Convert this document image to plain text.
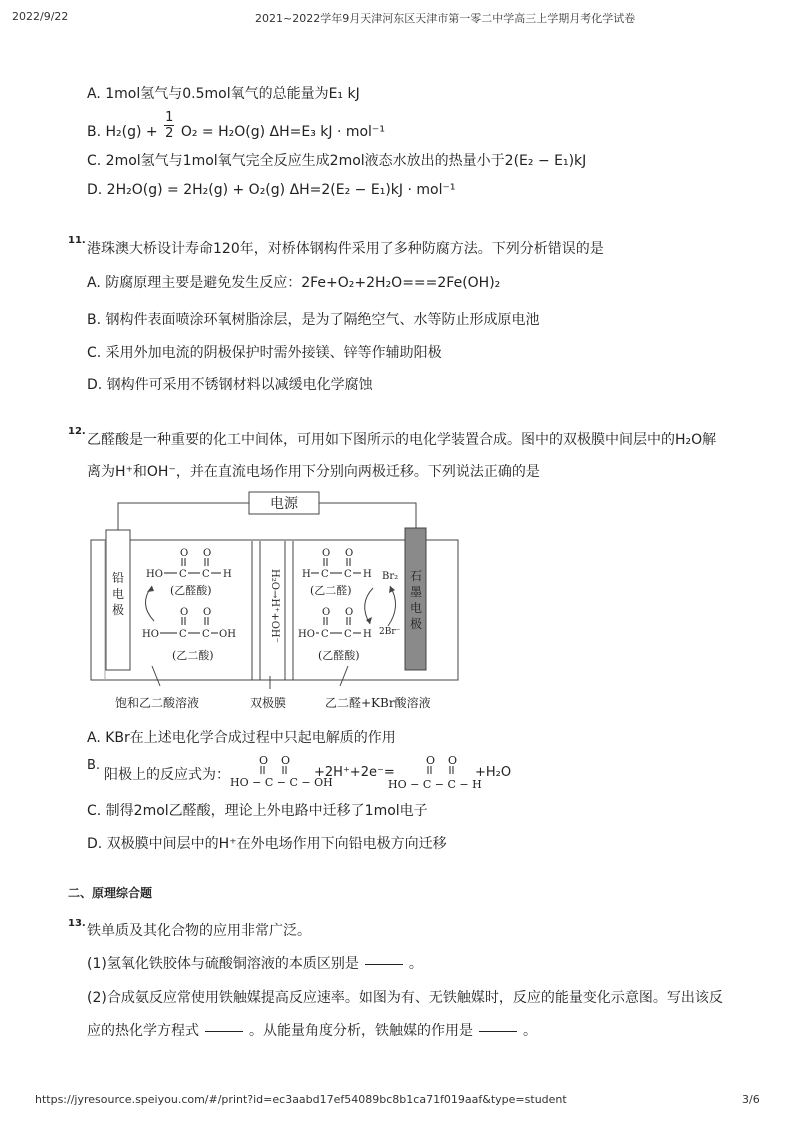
2022/9/22	2021~2022学年9月天津河东区天津市第一零二中学高三上学期月考化学试卷
A. 1mol氢气与0.5mol氧气的总能量为E₁ kJ
B. $H_2(g) + \frac{1}{2} O_2 = H_2O(g)$ ΔH=E₃ kJ · mol⁻¹
C. 2mol氢气与1mol氧气完全反应生成2mol液态水放出的热量小于2(E₂ − E₁)kJ
D. 2H₂O(g) = 2H₂(g) + O₂(g) ΔH=2(E₂ − E₁)kJ · mol⁻¹
11.
港珠澳大桥设计寿命120年，对桥体钢构件采用了多种防腐方法。下列分析错误的是
A. 防腐原理主要是避免发生反应：2Fe+O₂+2H₂O===2Fe(OH)₂
B. 钢构件表面喷涂环氧树脂涂层，是为了隔绝空气、水等防止形成原电池
C. 采用外加电流的阴极保护时需外接镁、锌等作辅助阳极
D. 钢构件可采用不锈钢材料以减缓电化学腐蚀
12.
乙醛酸是一种重要的化工中间体，可用如下图所示的电化学装置合成。图中的双极膜中间层中的H₂O解
离为H⁺和OH⁻，并在直流电场作用下分别向两极迁移。下列说法正确的是
电源
H₂O→H⁺+OH⁻
铅
电
极
石
墨
电
极
O O
HO C C H
(乙醛酸)
O O
HO C C OH
(乙二酸)
O O
H C C H
(乙二醛)
Br₂
2Br⁻
O O
HO C C H
(乙醛酸)
饱和乙二酸溶液	双极膜	乙二醛+KBr酸溶液
A. KBr在上述电化学合成过程中只起电解质的作用
B.
阳极上的反应式为：
O O
HO − C − C − OH
+2H⁺+2e⁻=
O O
HO − C − C − H
+H₂O
C. 制得2mol乙醛酸，理论上外电路中迁移了1mol电子
D. 双极膜中间层中的H⁺在外电场作用下向铅电极方向迁移
二、原理综合题
13. 铁单质及其化合物的应用非常广泛。
(1)氢氧化铁胶体与硫酸铜溶液的本质区别是	。
(2)合成氨反应常使用铁触媒提高反应速率。如图为有、无铁触媒时，反应的能量变化示意图。写出该反
应的热化学方程式	。从能量角度分析，铁触媒的作用是	。
https://jyresource.speiyou.com/#/print?id=ec3aabd17ef54089bc8b1ca71f019aaf&type=student	3/6
